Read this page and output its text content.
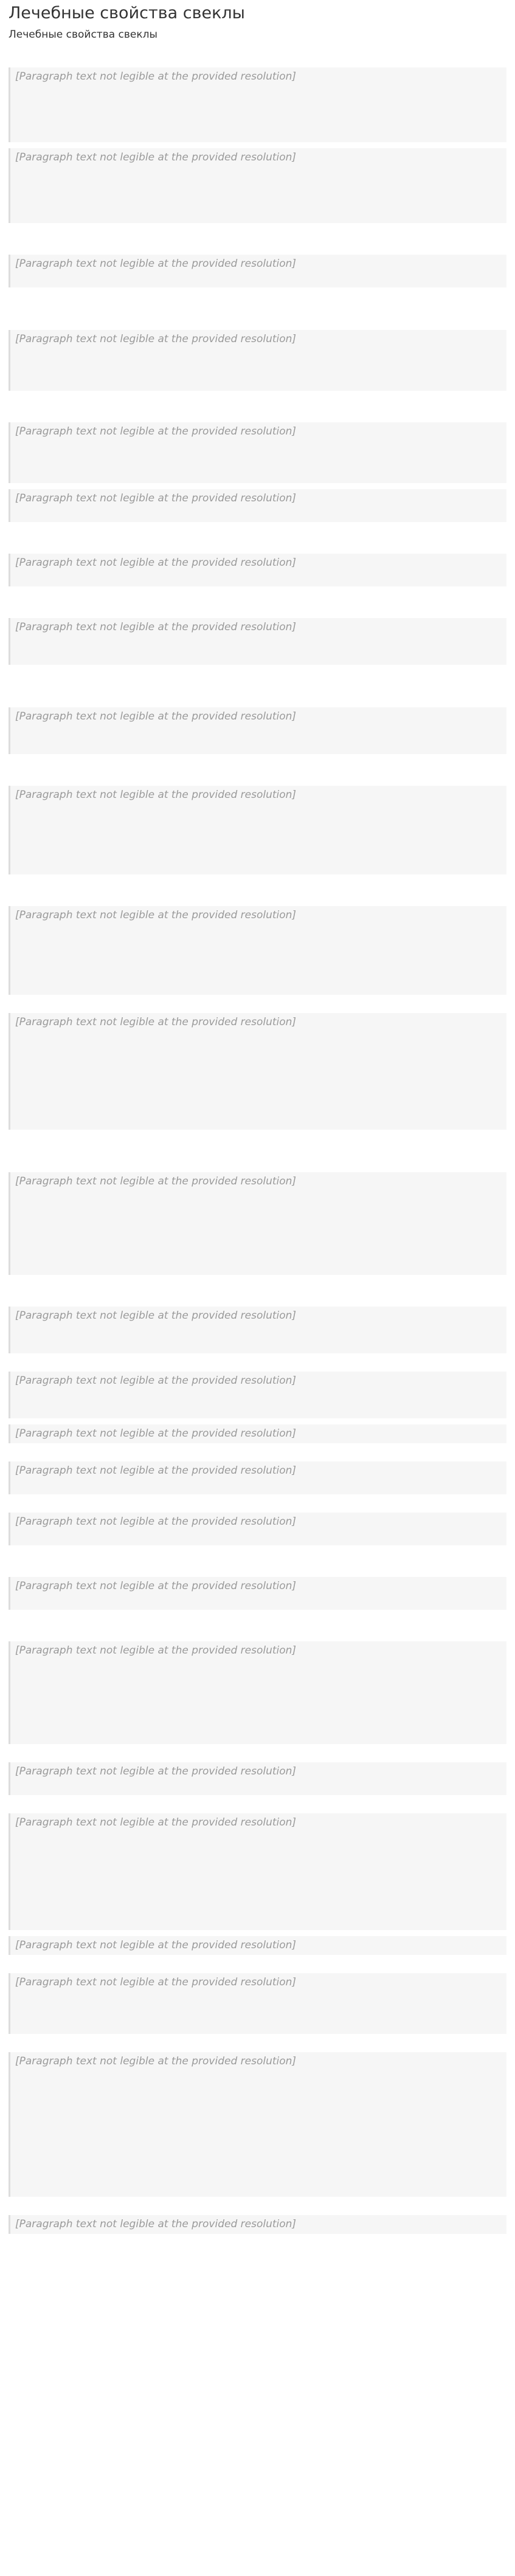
Лечебные свойства свеклы
Лечебные свойства свеклы
[Paragraph text not legible at the provided resolution]
[Paragraph text not legible at the provided resolution]
[Paragraph text not legible at the provided resolution]
[Paragraph text not legible at the provided resolution]
[Paragraph text not legible at the provided resolution]
[Paragraph text not legible at the provided resolution]
[Paragraph text not legible at the provided resolution]
[Paragraph text not legible at the provided resolution]
[Paragraph text not legible at the provided resolution]
[Paragraph text not legible at the provided resolution]
[Paragraph text not legible at the provided resolution]
[Paragraph text not legible at the provided resolution]
[Paragraph text not legible at the provided resolution]
[Paragraph text not legible at the provided resolution]
[Paragraph text not legible at the provided resolution]
[Paragraph text not legible at the provided resolution]
[Paragraph text not legible at the provided resolution]
[Paragraph text not legible at the provided resolution]
[Paragraph text not legible at the provided resolution]
[Paragraph text not legible at the provided resolution]
[Paragraph text not legible at the provided resolution]
[Paragraph text not legible at the provided resolution]
[Paragraph text not legible at the provided resolution]
[Paragraph text not legible at the provided resolution]
[Paragraph text not legible at the provided resolution]
[Paragraph text not legible at the provided resolution]
